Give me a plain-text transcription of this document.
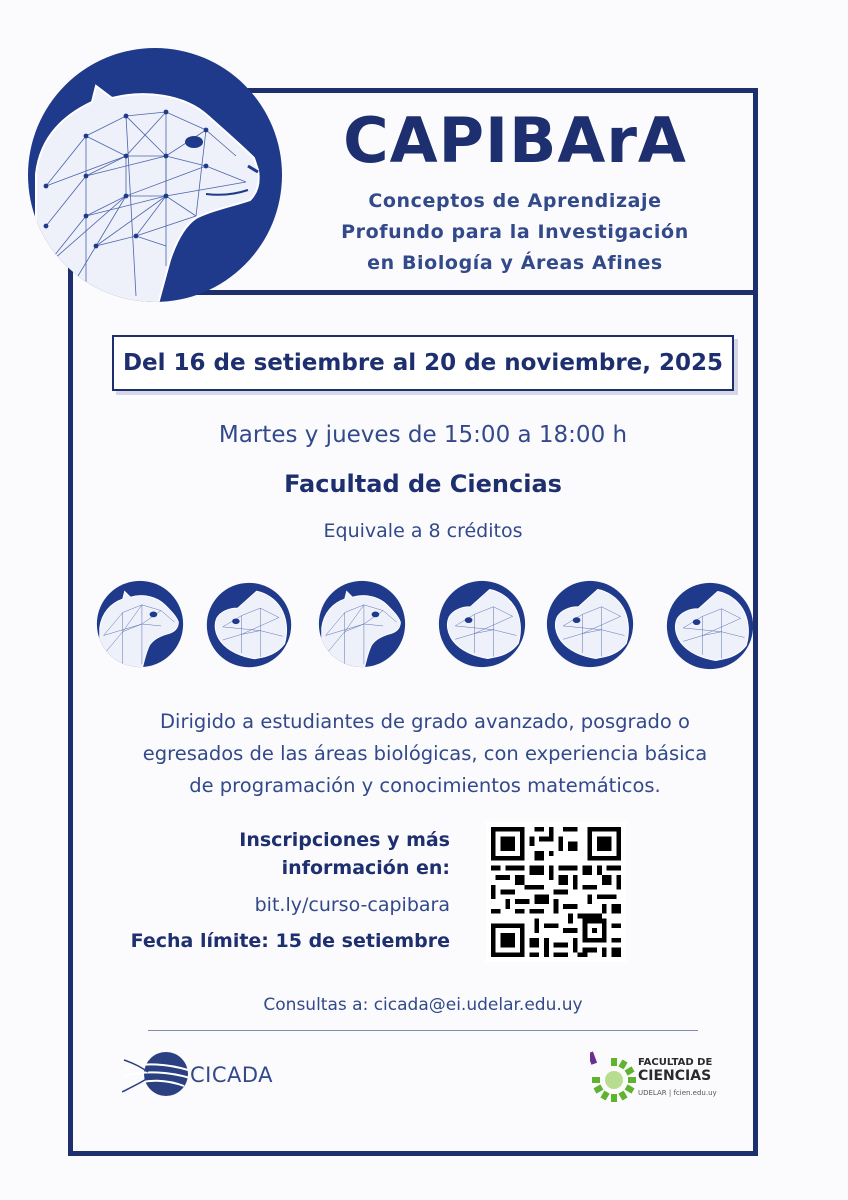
CAPIBArA
Conceptos de Aprendizaje
Profundo para la Investigación
en Biología y Áreas Afines
Del 16 de setiembre al 20 de noviembre, 2025
Martes y jueves de 15:00 a 18:00 h
Facultad de Ciencias
Equivale a 8 créditos
Dirigido a estudiantes de grado avanzado, posgrado o
egresados de las áreas biológicas, con experiencia básica
de programación y conocimientos matemáticos.
Inscripciones y más
información en:
bit.ly/curso-capibara
Fecha límite: 15 de setiembre
Consultas a: cicada@ei.udelar.edu.uy
CICADA
FACULTAD DE
CIENCIAS
UDELAR | fcien.edu.uy
